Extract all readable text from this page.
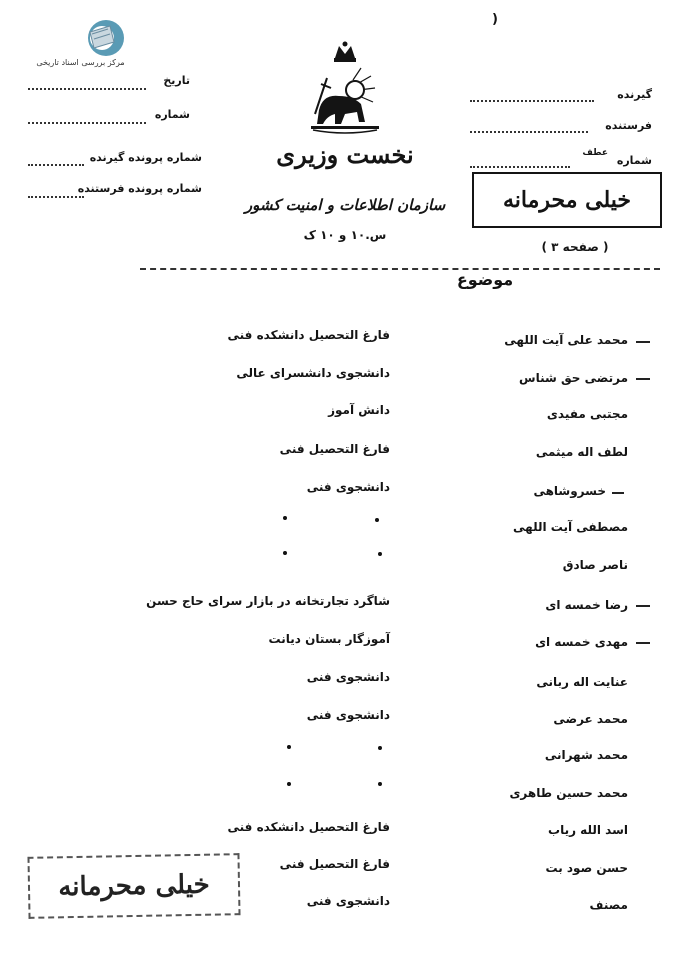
مرکز بررسی اسناد تاریخی
)
تاریخ
شماره
شماره پرونده گیرنده
شماره پرونده فرستنده
نخست وزیری
سازمان اطلاعات و امنیت کشور
س.۱۰ و ۱۰ ک
گیرنده
فرستنده
شماره
عطف
خیلی محرمانه
( صفحه ۳ )
موضوع
محمد علی آیت اللهی
مرتضی حق شناس
مجتبی مفیدی
لطف اله میثمی
خسروشاهی
مصطفی آیت اللهی
ناصر صادق
رضا خمسه ای
مهدی خمسه ای
عنایت اله ربانی
محمد عرضی
محمد شهرانی
محمد حسین طاهری
اسد الله ریاب
حسن صود بت
مصنف
فارغ التحصیل دانشکده فنی
دانشجوی دانشسرای عالی
دانش آموز
فارغ التحصیل فنی
دانشجوی فنی
شاگرد تجارتخانه در بازار سرای حاج حسن
آموزگار بستان دیانت
دانشجوی فنی
دانشجوی فنی
فارغ التحصیل دانشکده فنی
فارغ التحصیل فنی
دانشجوی فنی
خیلی محرمانه
